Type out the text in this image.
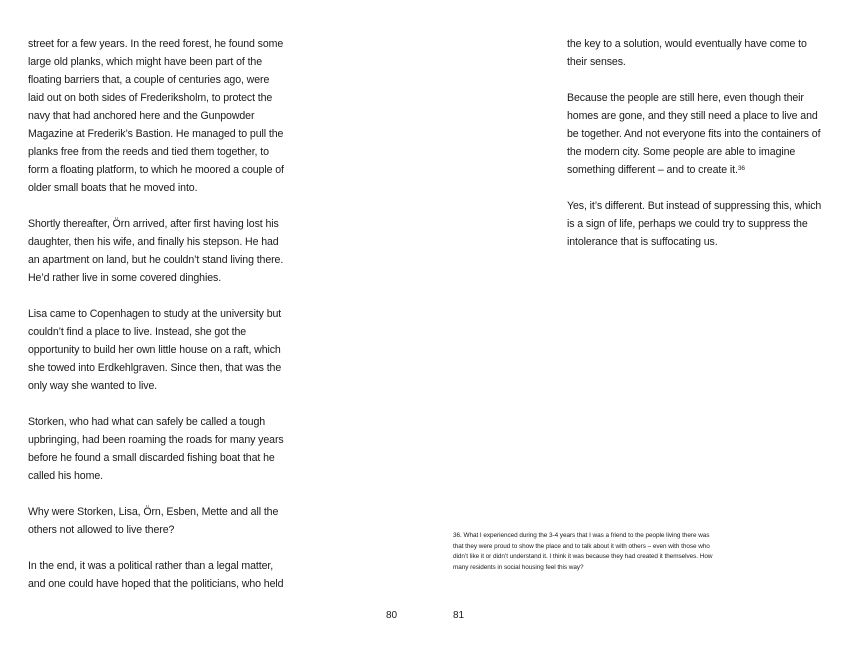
street for a few years. In the reed forest, he found some large old planks, which might have been part of the floating barriers that, a couple of centuries ago, were laid out on both sides of Frederiksholm, to protect the navy that had anchored here and the Gunpowder Magazine at Frederik’s Bastion. He managed to pull the planks free from the reeds and tied them together, to form a floating platform, to which he moored a couple of older small boats that he moved into.

Shortly thereafter, Örn arrived, after first having lost his daughter, then his wife, and finally his stepson. He had an apartment on land, but he couldn’t stand living there. He’d rather live in some covered dinghies.

Lisa came to Copenhagen to study at the university but couldn’t find a place to live. Instead, she got the opportunity to build her own little house on a raft, which she towed into Erdkehlgraven. Since then, that was the only way she wanted to live.

Storken, who had what can safely be called a tough upbringing, had been roaming the roads for many years before he found a small discarded fishing boat that he called his home.

Why were Storken, Lisa, Örn, Esben, Mette and all the others not allowed to live there?

In the end, it was a political rather than a legal matter, and one could have hoped that the politicians, who held

the key to a solution, would eventually have come to their senses.

Because the people are still here, even though their homes are gone, and they still need a place to live and be together. And not everyone fits into the containers of the modern city. Some people are able to imagine something different – and to create it.$^{36}$

Yes, it’s different. But instead of suppressing this, which is a sign of life, perhaps we could try to suppress the intolerance that is suffocating us.

36. What I experienced during the 3-4 years that I was a friend to the people living there was that they were proud to show the place and to talk about it with others – even with those who didn’t like it or didn’t understand it. I think it was because they had created it themselves. How many residents in social housing feel this way?
80	81
